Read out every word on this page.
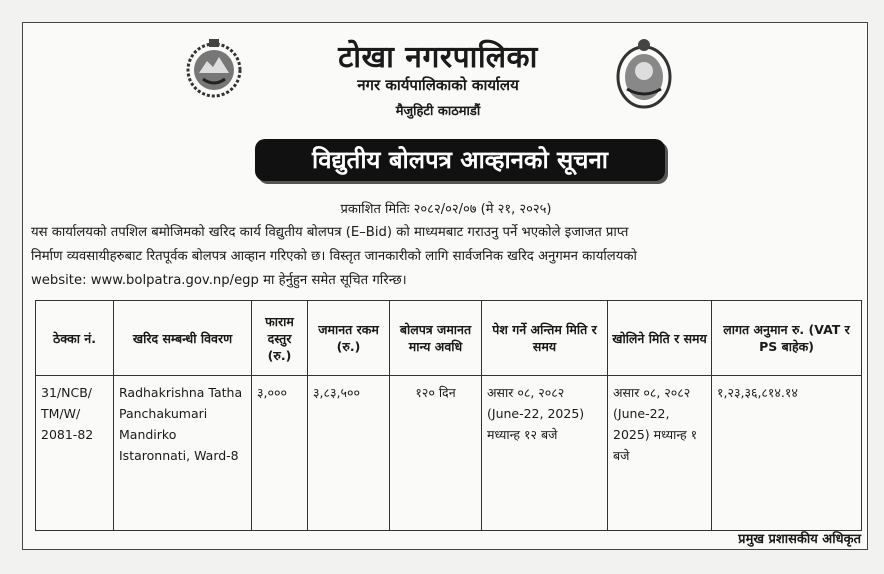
टोखा नगरपालिका
नगर कार्यपालिकाको कार्यालय
मैजुहिटी काठमाडौं
विद्युतीय बोलपत्र आव्हानको सूचना
प्रकाशित मितिः २०८२/०२/०७ (मे २१, २०२५)
यस कार्यालयको तपशिल बमोजिमको खरिद कार्य विद्युतीय बोलपत्र (E–Bid) को माध्यमबाट गराउनु पर्ने भएकोले इजाजत प्राप्त
निर्माण व्यवसायीहरुबाट रितपूर्वक बोलपत्र आव्हान गरिएको छ। विस्तृत जानकारीको लागि सार्वजनिक खरिद अनुगमन कार्यालयको
website: www.bolpatra.gov.np/egp मा हेर्नुहुन समेत सूचित गरिन्छ।
ठेक्का नं.	खरिद सम्बन्धी विवरण	फाराम दस्तुर (रु.)	जमानत रकम (रु.)	बोलपत्र जमानत मान्य अवधि	पेश गर्ने अन्तिम मिति र समय	खोलिने मिति र समय	लागत अनुमान रु. (VAT र PS बाहेक)
31/NCB/ TM/W/ 2081-82	Radhakrishna Tatha Panchakumari Mandirko Istaronnati, Ward-8	३,०००	३,८३,५००	१२० दिन	असार ०८, २०८२ (June-22, 2025) मध्यान्ह १२ बजे	असार ०८, २०८२ (June-22, 2025) मध्यान्ह १ बजे	१,२३,३६,८१४.१४
प्रमुख प्रशासकीय अधिकृत
